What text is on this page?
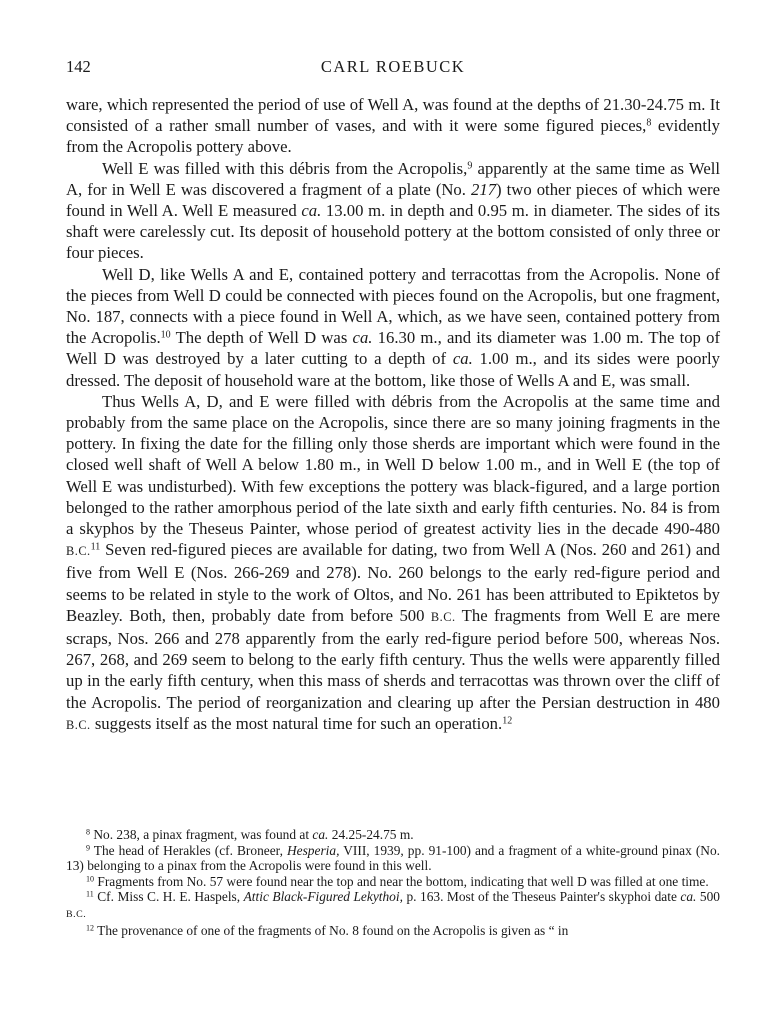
142	CARL ROEBUCK

ware, which represented the period of use of Well A, was found at the depths of 21.30-24.75 m. It consisted of a rather small number of vases, and with it were some figured pieces,$^8$ evidently from the Acropolis pottery above.

Well E was filled with this débris from the Acropolis,$^9$ apparently at the same time as Well A, for in Well E was discovered a fragment of a plate (No. 217) two other pieces of which were found in Well A. Well E measured ca. 13.00 m. in depth and 0.95 m. in diameter. The sides of its shaft were carelessly cut. Its deposit of household pottery at the bottom consisted of only three or four pieces.

Well D, like Wells A and E, contained pottery and terracottas from the Acropolis. None of the pieces from Well D could be connected with pieces found on the Acropolis, but one fragment, No. 187, connects with a piece found in Well A, which, as we have seen, contained pottery from the Acropolis.$^{10}$ The depth of Well D was ca. 16.30 m., and its diameter was 1.00 m. The top of Well D was destroyed by a later cutting to a depth of ca. 1.00 m., and its sides were poorly dressed. The deposit of household ware at the bottom, like those of Wells A and E, was small.

Thus Wells A, D, and E were filled with débris from the Acropolis at the same time and probably from the same place on the Acropolis, since there are so many joining fragments in the pottery. In fixing the date for the filling only those sherds are important which were found in the closed well shaft of Well A below 1.80 m., in Well D below 1.00 m., and in Well E (the top of Well E was undisturbed). With few exceptions the pottery was black-figured, and a large portion belonged to the rather amorphous period of the late sixth and early fifth centuries. No. 84 is from a skyphos by the Theseus Painter, whose period of greatest activity lies in the decade 490-480 B.C.$^{11}$ Seven red-figured pieces are available for dating, two from Well A (Nos. 260 and 261) and five from Well E (Nos. 266-269 and 278). No. 260 belongs to the early red-figure period and seems to be related in style to the work of Oltos, and No. 261 has been attributed to Epiktetos by Beazley. Both, then, probably date from before 500 B.C. The fragments from Well E are mere scraps, Nos. 266 and 278 apparently from the early red-figure period before 500, whereas Nos. 267, 268, and 269 seem to belong to the early fifth century. Thus the wells were apparently filled up in the early fifth century, when this mass of sherds and terracottas was thrown over the cliff of the Acropolis. The period of reorganization and clearing up after the Persian destruction in 480 B.C. suggests itself as the most natural time for such an operation.$^{12}$

$^8$ No. 238, a pinax fragment, was found at ca. 24.25-24.75 m.

$^9$ The head of Herakles (cf. Broneer, Hesperia, VIII, 1939, pp. 91-100) and a fragment of a white-ground pinax (No. 13) belonging to a pinax from the Acropolis were found in this well.

$^{10}$ Fragments from No. 57 were found near the top and near the bottom, indicating that well D was filled at one time.

$^{11}$ Cf. Miss C. H. E. Haspels, Attic Black-Figured Lekythoi, p. 163. Most of the Theseus Painter's skyphoi date ca. 500 B.C.

$^{12}$ The provenance of one of the fragments of No. 8 found on the Acropolis is given as “ in
